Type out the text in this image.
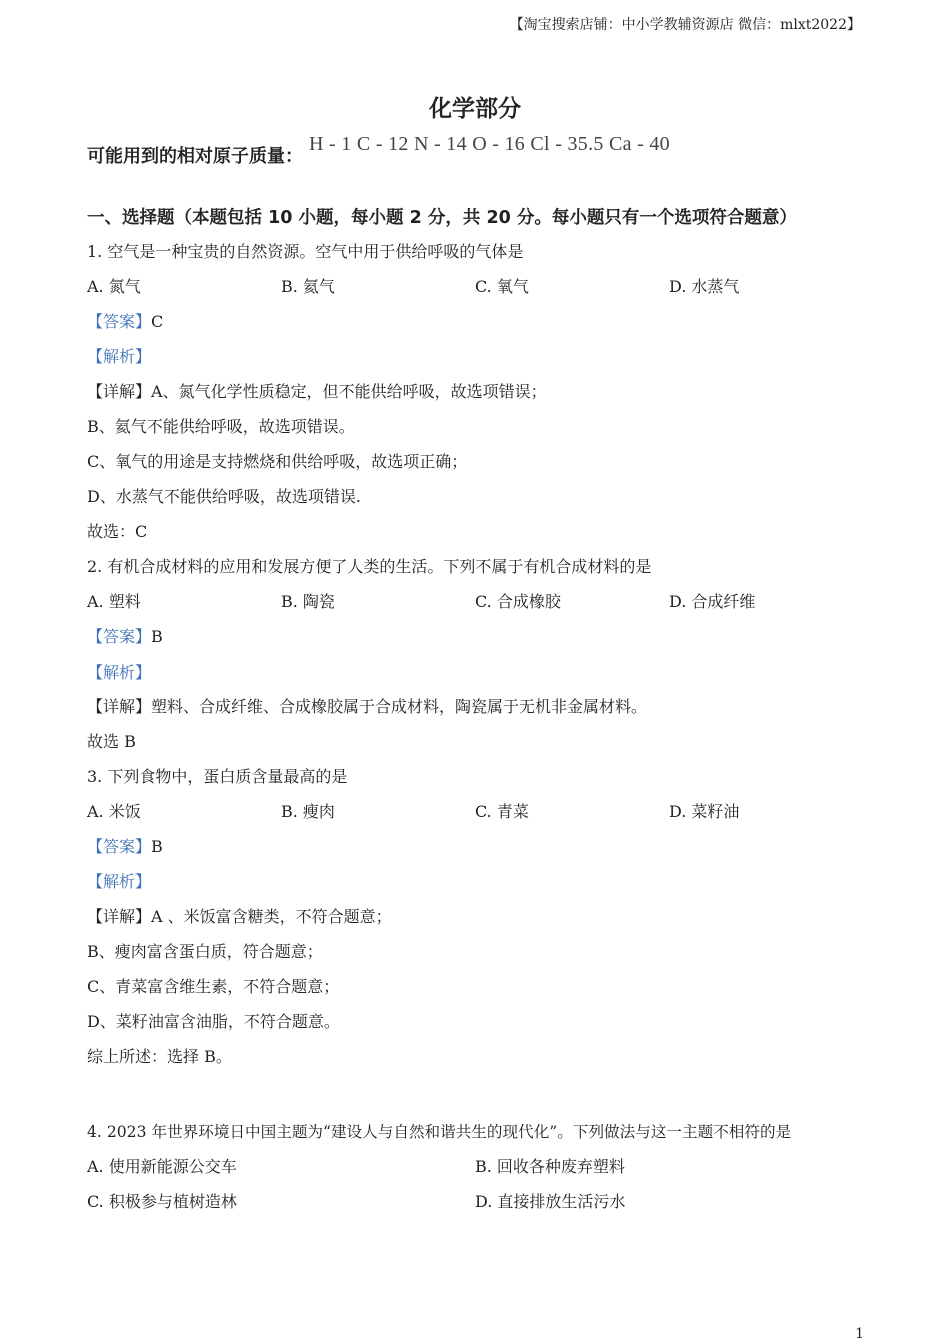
【淘宝搜索店铺：中小学教辅资源店 微信：mlxt2022】
化学部分
可能用到的相对原子质量：H - 1 C - 12 N - 14 O - 16 Cl - 35.5 Ca - 40
一、选择题（本题包括 10 小题，每小题 2 分，共 20 分。每小题只有一个选项符合题意）
1. 空气是一种宝贵的自然资源。空气中用于供给呼吸的气体是
A. 氮气	B. 氦气	C. 氧气	D. 水蒸气
【答案】C
【解析】
【详解】A、氮气化学性质稳定，但不能供给呼吸，故选项错误；
B、氦气不能供给呼吸，故选项错误。
C、氧气的用途是支持燃烧和供给呼吸，故选项正确；
D、水蒸气不能供给呼吸，故选项错误.
故选：C
2. 有机合成材料的应用和发展方便了人类的生活。下列不属于有机合成材料的是
A. 塑料	B. 陶瓷	C. 合成橡胶	D. 合成纤维
【答案】B
【解析】
【详解】塑料、合成纤维、合成橡胶属于合成材料，陶瓷属于无机非金属材料。
故选 B
3. 下列食物中，蛋白质含量最高的是
A. 米饭	B. 瘦肉	C. 青菜	D. 菜籽油
【答案】B
【解析】
【详解】A 、米饭富含糖类，不符合题意；
B、瘦肉富含蛋白质，符合题意；
C、青菜富含维生素，不符合题意；
D、菜籽油富含油脂，不符合题意。
综上所述：选择 B。
4. 2023 年世界环境日中国主题为“建设人与自然和谐共生的现代化”。下列做法与这一主题不相符的是
A. 使用新能源公交车	B. 回收各种废弃塑料
C. 积极参与植树造林	D. 直接排放生活污水
1
